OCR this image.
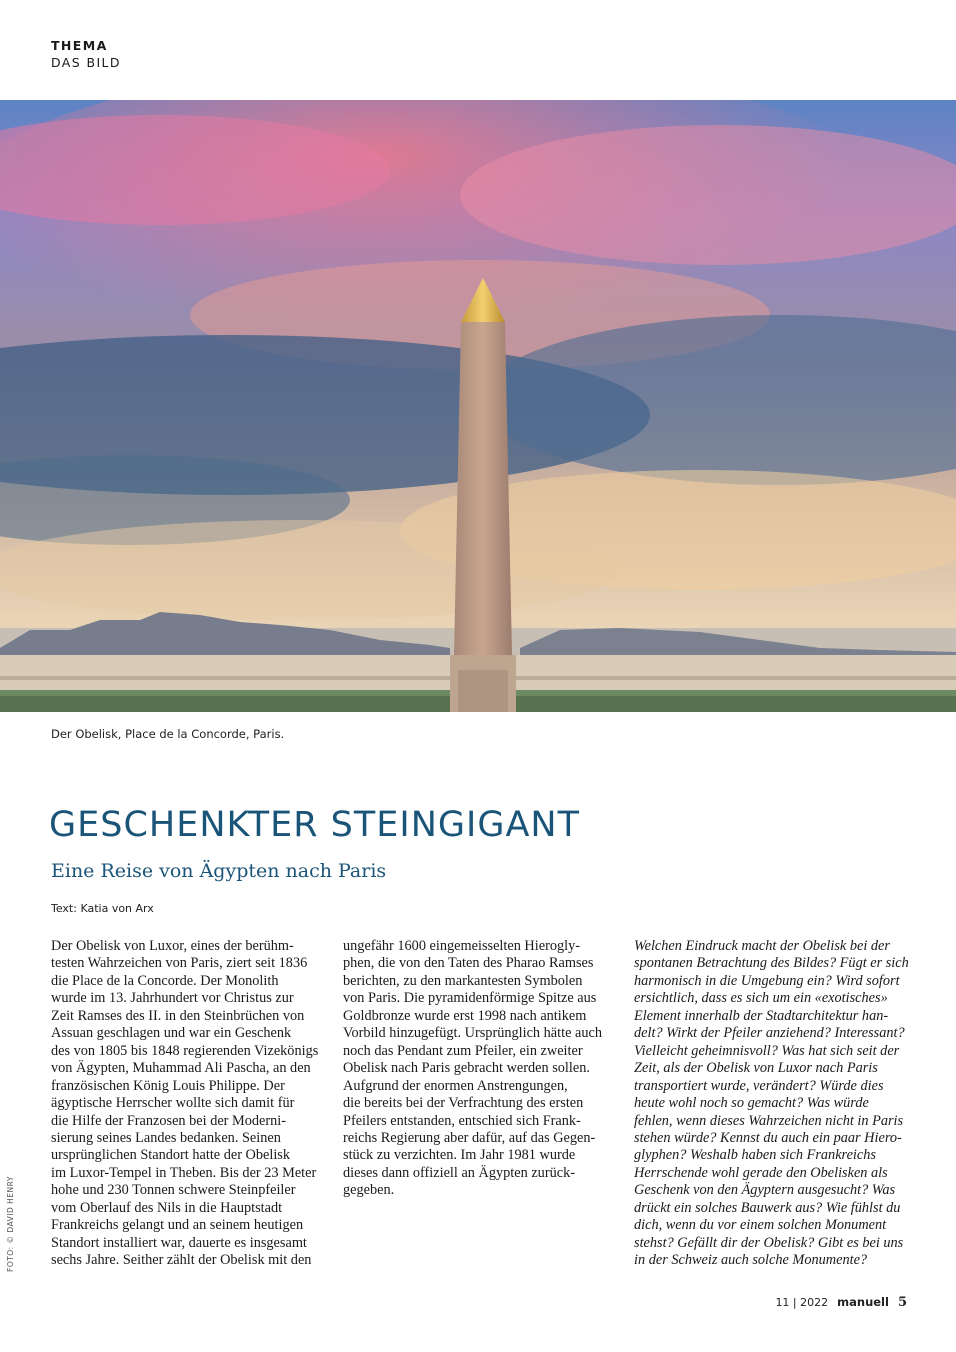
THEMA
DAS BILD
Der Obelisk, Place de la Concorde, Paris.
GESCHENKTER STEINGIGANT
Eine Reise von Ägypten nach Paris
Text: Katia von Arx
Der Obelisk von Luxor, eines der berühm-
testen Wahrzeichen von Paris, ziert seit 1836
die Place de la Concorde. Der Monolith
wurde im 13. Jahrhundert vor Christus zur
Zeit Ramses des II. in den Steinbrüchen von
Assuan geschlagen und war ein Geschenk
des von 1805 bis 1848 regierenden Vizekönigs
von Ägypten, Muhammad Ali Pascha, an den
französischen König Louis Philippe. Der
ägyptische Herrscher wollte sich damit für
die Hilfe der Franzosen bei der Moderni-
sierung seines Landes bedanken. Seinen
ursprünglichen Standort hatte der Obelisk
im Luxor-Tempel in Theben. Bis der 23 Meter
hohe und 230 Tonnen schwere Steinpfeiler
vom Oberlauf des Nils in die Hauptstadt
Frankreichs gelangt und an seinem heutigen
Standort installiert war, dauerte es insgesamt
sechs Jahre. Seither zählt der Obelisk mit den
ungefähr 1600 eingemeisselten Hierogly-
phen, die von den Taten des Pharao Ramses
berichten, zu den markantesten Symbolen
von Paris. Die pyramidenförmige Spitze aus
Goldbronze wurde erst 1998 nach antikem
Vorbild hinzugefügt. Ursprünglich hätte auch
noch das Pendant zum Pfeiler, ein zweiter
Obelisk nach Paris gebracht werden sollen.
Aufgrund der enormen Anstrengungen,
die bereits bei der Verfrachtung des ersten
Pfeilers entstanden, entschied sich Frank-
reichs Regierung aber dafür, auf das Gegen-
stück zu verzichten. Im Jahr 1981 wurde
dieses dann offiziell an Ägypten zurück-
gegeben.
Welchen Eindruck macht der Obelisk bei der
spontanen Betrachtung des Bildes? Fügt er sich
harmonisch in die Umgebung ein? Wird sofort
ersichtlich, dass es sich um ein «exotisches»
Element innerhalb der Stadtarchitektur han-
delt? Wirkt der Pfeiler anziehend? Interessant?
Vielleicht geheimnisvoll? Was hat sich seit der
Zeit, als der Obelisk von Luxor nach Paris
transportiert wurde, verändert? Würde dies
heute wohl noch so gemacht? Was würde
fehlen, wenn dieses Wahrzeichen nicht in Paris
stehen würde? Kennst du auch ein paar Hiero-
glyphen? Weshalb haben sich Frankreichs
Herrschende wohl gerade den Obelisken als
Geschenk von den Ägyptern ausgesucht? Was
drückt ein solches Bauwerk aus? Wie fühlst du
dich, wenn du vor einem solchen Monument
stehst? Gefällt dir der Obelisk? Gibt es bei uns
in der Schweiz auch solche Monumente?
FOTO: © DAVID HENRY
11 | 2022 manuell 5
